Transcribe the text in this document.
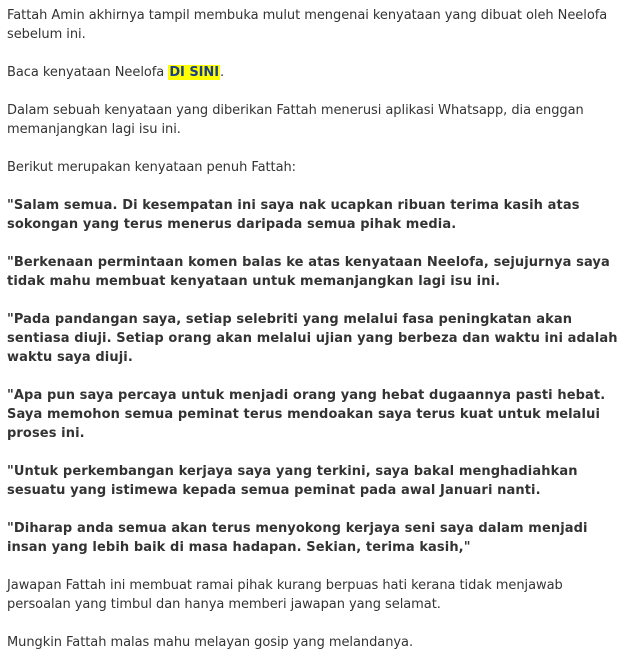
Fattah Amin akhirnya tampil membuka mulut mengenai kenyataan yang dibuat oleh Neelofa sebelum ini.

Baca kenyataan Neelofa DI SINI.

Dalam sebuah kenyataan yang diberikan Fattah menerusi aplikasi Whatsapp, dia enggan memanjangkan lagi isu ini.

Berikut merupakan kenyataan penuh Fattah:

"Salam semua. Di kesempatan ini saya nak ucapkan ribuan terima kasih atas sokongan yang terus menerus daripada semua pihak media.

"Berkenaan permintaan komen balas ke atas kenyataan Neelofa, sejujurnya saya tidak mahu membuat kenyataan untuk memanjangkan lagi isu ini.

"Pada pandangan saya, setiap selebriti yang melalui fasa peningkatan akan sentiasa diuji. Setiap orang akan melalui ujian yang berbeza dan waktu ini adalah waktu saya diuji.

"Apa pun saya percaya untuk menjadi orang yang hebat dugaannya pasti hebat. Saya memohon semua peminat terus mendoakan saya terus kuat untuk melalui proses ini.

"Untuk perkembangan kerjaya saya yang terkini, saya bakal menghadiahkan sesuatu yang istimewa kepada semua peminat pada awal Januari nanti.

"Diharap anda semua akan terus menyokong kerjaya seni saya dalam menjadi insan yang lebih baik di masa hadapan. Sekian, terima kasih,"

Jawapan Fattah ini membuat ramai pihak kurang berpuas hati kerana tidak menjawab persoalan yang timbul dan hanya memberi jawapan yang selamat.

Mungkin Fattah malas mahu melayan gosip yang melandanya.
